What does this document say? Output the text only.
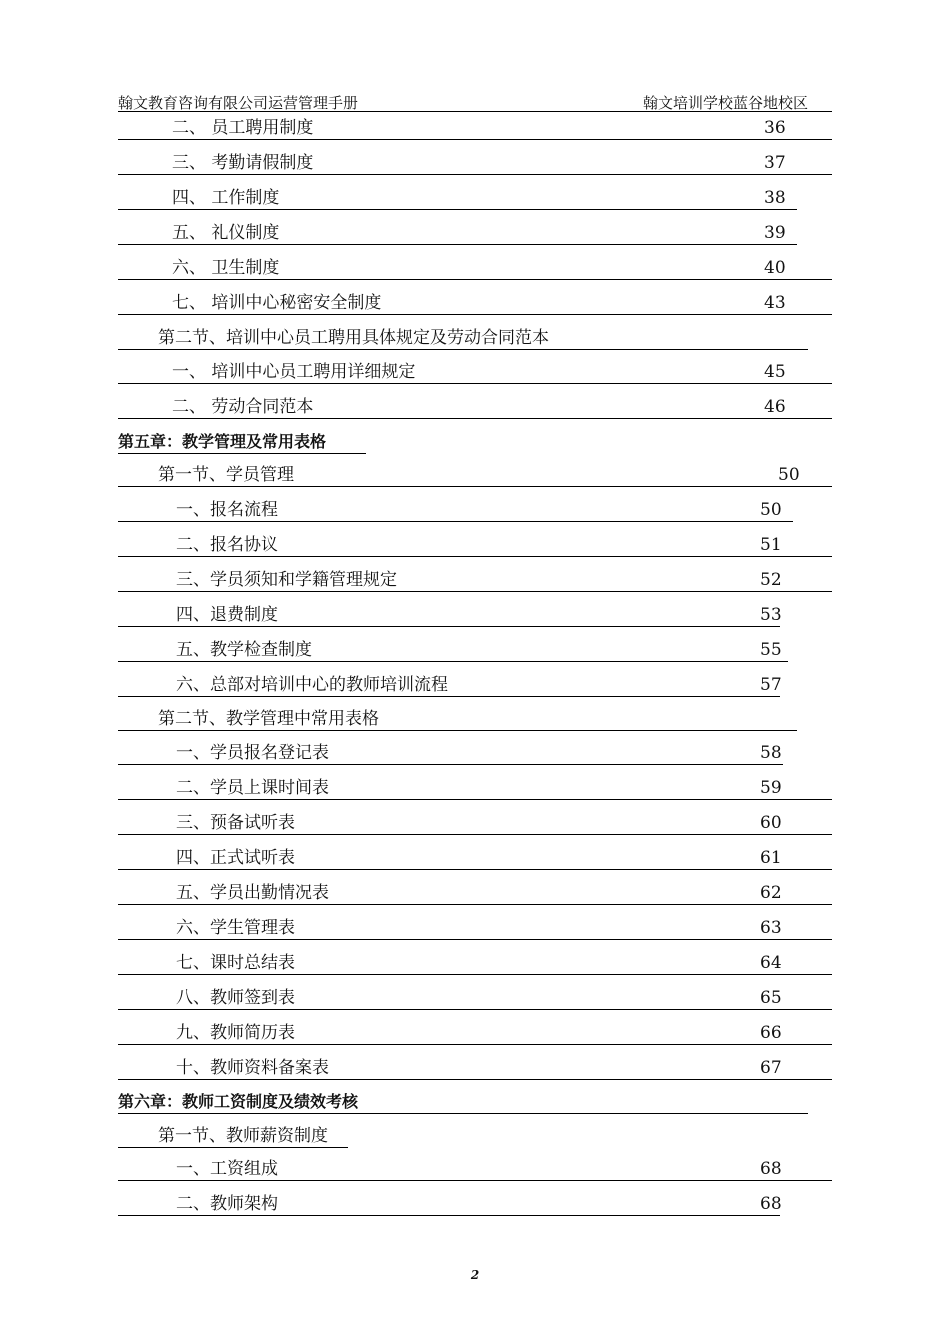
翰文教育咨询有限公司运营管理手册	翰文培训学校蓝谷地校区
二、 员工聘用制度	36
三、 考勤请假制度	37
四、 工作制度	38
五、 礼仪制度	39
六、 卫生制度	40
七、 培训中心秘密安全制度	43
第二节、培训中心员工聘用具体规定及劳动合同范本
一、 培训中心员工聘用详细规定	45
二、 劳动合同范本	46
第五章：教学管理及常用表格
第一节、学员管理	50
一、报名流程	50
二、报名协议	51
三、学员须知和学籍管理规定	52
四、退费制度	53
五、教学检查制度	55
六、总部对培训中心的教师培训流程	57
第二节、教学管理中常用表格
一、学员报名登记表	58
二、学员上课时间表	59
三、预备试听表	60
四、正式试听表	61
五、学员出勤情况表	62
六、学生管理表	63
七、课时总结表	64
八、教师签到表	65
九、教师简历表	66
十、教师资料备案表	67
第六章：教师工资制度及绩效考核
第一节、教师薪资制度
一、工资组成	68
二、教师架构	68
2
